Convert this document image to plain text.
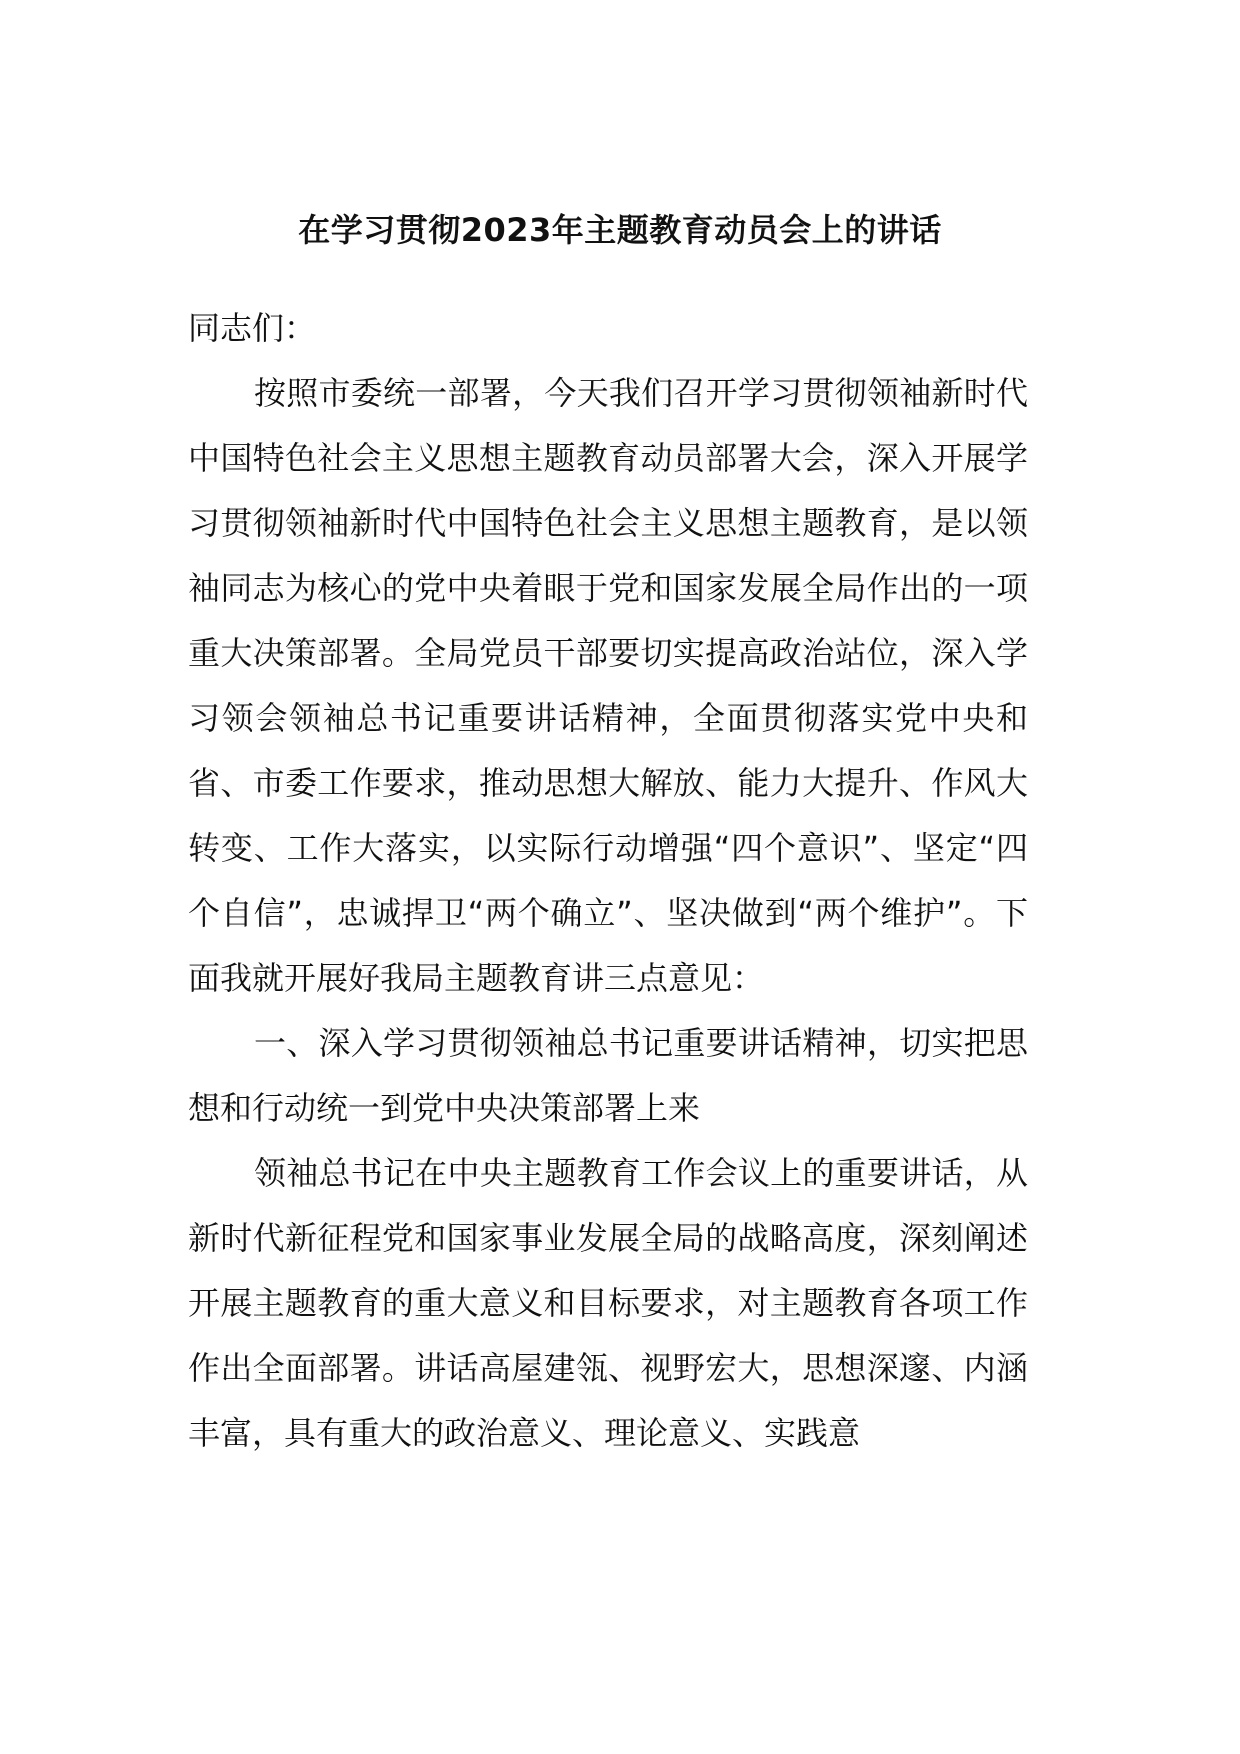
在学习贯彻2023年主题教育动员会上的讲话

同志们：

按照市委统一部署，今天我们召开学习贯彻领袖新时代中国特色社会主义思想主题教育动员部署大会，深入开展学习贯彻领袖新时代中国特色社会主义思想主题教育，是以领袖同志为核心的党中央着眼于党和国家发展全局作出的一项重大决策部署。全局党员干部要切实提高政治站位，深入学习领会领袖总书记重要讲话精神，全面贯彻落实党中央和省、市委工作要求，推动思想大解放、能力大提升、作风大转变、工作大落实，以实际行动增强“四个意识”、坚定“四个自信”，忠诚捍卫“两个确立”、坚决做到“两个维护”。下面我就开展好我局主题教育讲三点意见：

一、深入学习贯彻领袖总书记重要讲话精神，切实把思想和行动统一到党中央决策部署上来

领袖总书记在中央主题教育工作会议上的重要讲话，从新时代新征程党和国家事业发展全局的战略高度，深刻阐述开展主题教育的重大意义和目标要求，对主题教育各项工作作出全面部署。讲话高屋建瓴、视野宏大，思想深邃、内涵丰富，具有重大的政治意义、理论意义、实践意
